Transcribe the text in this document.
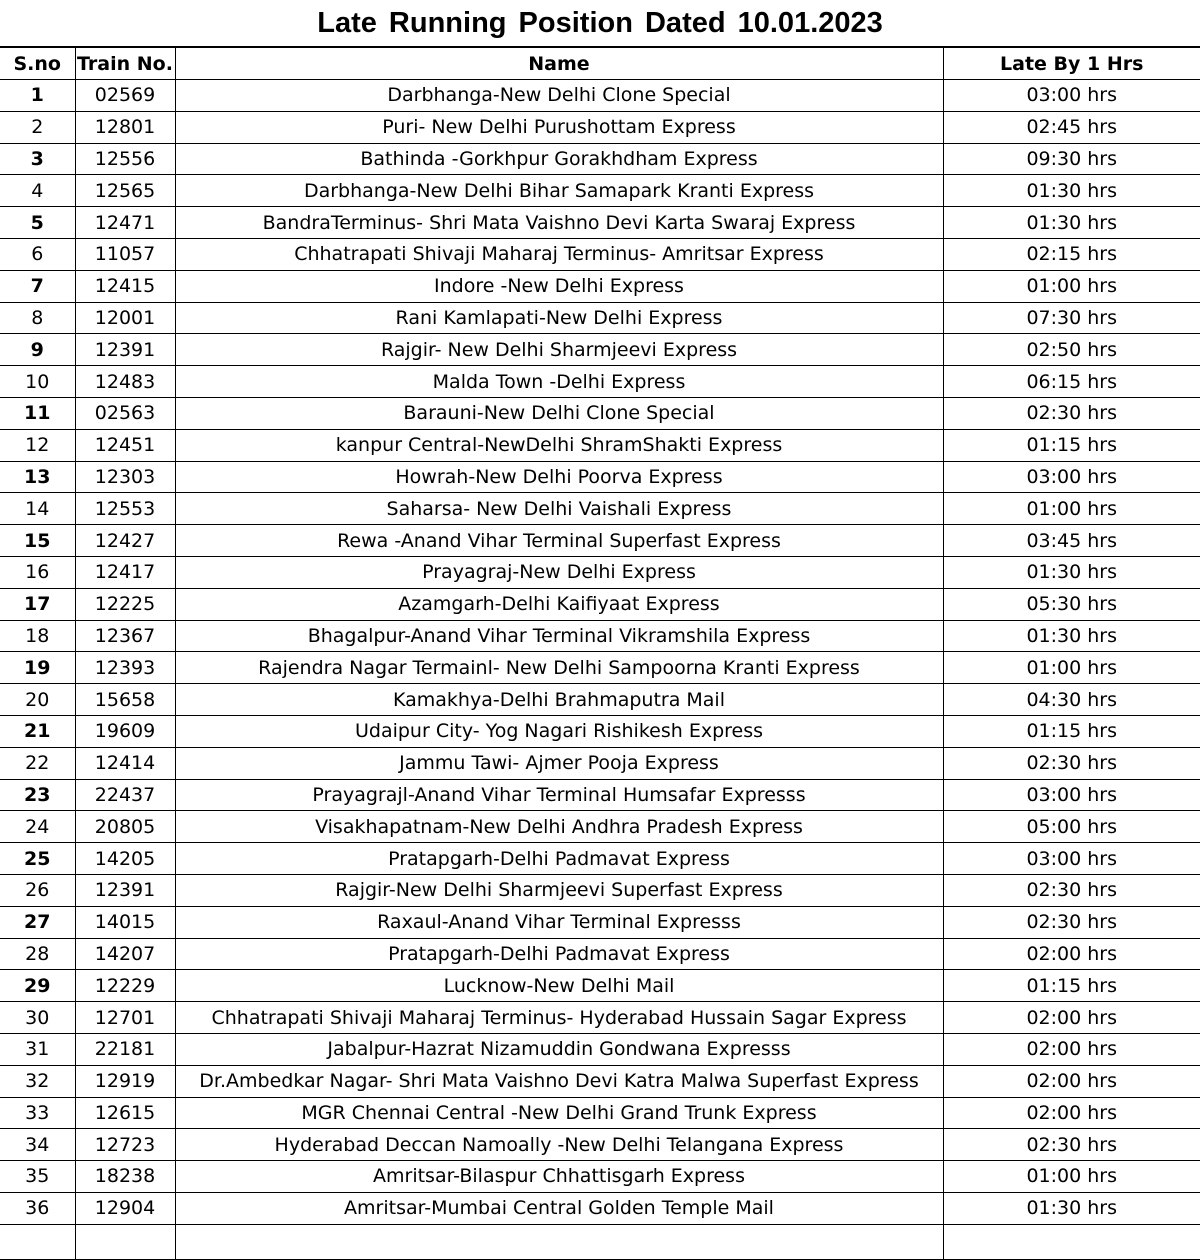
Late Running Position Dated 10.01.2023
S.no	Train No.	Name	Late By 1 Hrs
1	02569	Darbhanga-New Delhi Clone Special	03:00 hrs
2	12801	Puri- New Delhi Purushottam Express	02:45 hrs
3	12556	Bathinda -Gorkhpur Gorakhdham Express	09:30 hrs
4	12565	Darbhanga-New Delhi Bihar Samapark Kranti Express	01:30 hrs
5	12471	BandraTerminus- Shri Mata Vaishno Devi Karta Swaraj Express	01:30 hrs
6	11057	Chhatrapati Shivaji Maharaj Terminus- Amritsar Express	02:15 hrs
7	12415	Indore -New Delhi Express	01:00 hrs
8	12001	Rani Kamlapati-New Delhi Express	07:30 hrs
9	12391	Rajgir- New Delhi Sharmjeevi Express	02:50 hrs
10	12483	Malda Town -Delhi Express	06:15 hrs
11	02563	Barauni-New Delhi Clone Special	02:30 hrs
12	12451	kanpur Central-NewDelhi ShramShakti Express	01:15 hrs
13	12303	Howrah-New Delhi Poorva Express	03:00 hrs
14	12553	Saharsa- New Delhi Vaishali Express	01:00 hrs
15	12427	Rewa -Anand Vihar Terminal Superfast Express	03:45 hrs
16	12417	Prayagraj-New Delhi Express	01:30 hrs
17	12225	Azamgarh-Delhi Kaifiyaat Express	05:30 hrs
18	12367	Bhagalpur-Anand Vihar Terminal Vikramshila Express	01:30 hrs
19	12393	Rajendra Nagar Termainl- New Delhi Sampoorna Kranti Express	01:00 hrs
20	15658	Kamakhya-Delhi Brahmaputra Mail	04:30 hrs
21	19609	Udaipur City- Yog Nagari Rishikesh Express	01:15 hrs
22	12414	Jammu Tawi- Ajmer Pooja Express	02:30 hrs
23	22437	Prayagrajl-Anand Vihar Terminal Humsafar Expresss	03:00 hrs
24	20805	Visakhapatnam-New Delhi Andhra Pradesh Express	05:00 hrs
25	14205	Pratapgarh-Delhi Padmavat Express	03:00 hrs
26	12391	Rajgir-New Delhi Sharmjeevi Superfast Express	02:30 hrs
27	14015	Raxaul-Anand Vihar Terminal Expresss	02:30 hrs
28	14207	Pratapgarh-Delhi Padmavat Express	02:00 hrs
29	12229	Lucknow-New Delhi Mail	01:15 hrs
30	12701	Chhatrapati Shivaji Maharaj Terminus- Hyderabad Hussain Sagar Express	02:00 hrs
31	22181	Jabalpur-Hazrat Nizamuddin Gondwana Expresss	02:00 hrs
32	12919	Dr.Ambedkar Nagar- Shri Mata Vaishno Devi Katra Malwa Superfast Express	02:00 hrs
33	12615	MGR Chennai Central -New Delhi Grand Trunk Express	02:00 hrs
34	12723	Hyderabad Deccan Namoally -New Delhi Telangana Express	02:30 hrs
35	18238	Amritsar-Bilaspur Chhattisgarh Express	01:00 hrs
36	12904	Amritsar-Mumbai Central Golden Temple Mail	01:30 hrs
